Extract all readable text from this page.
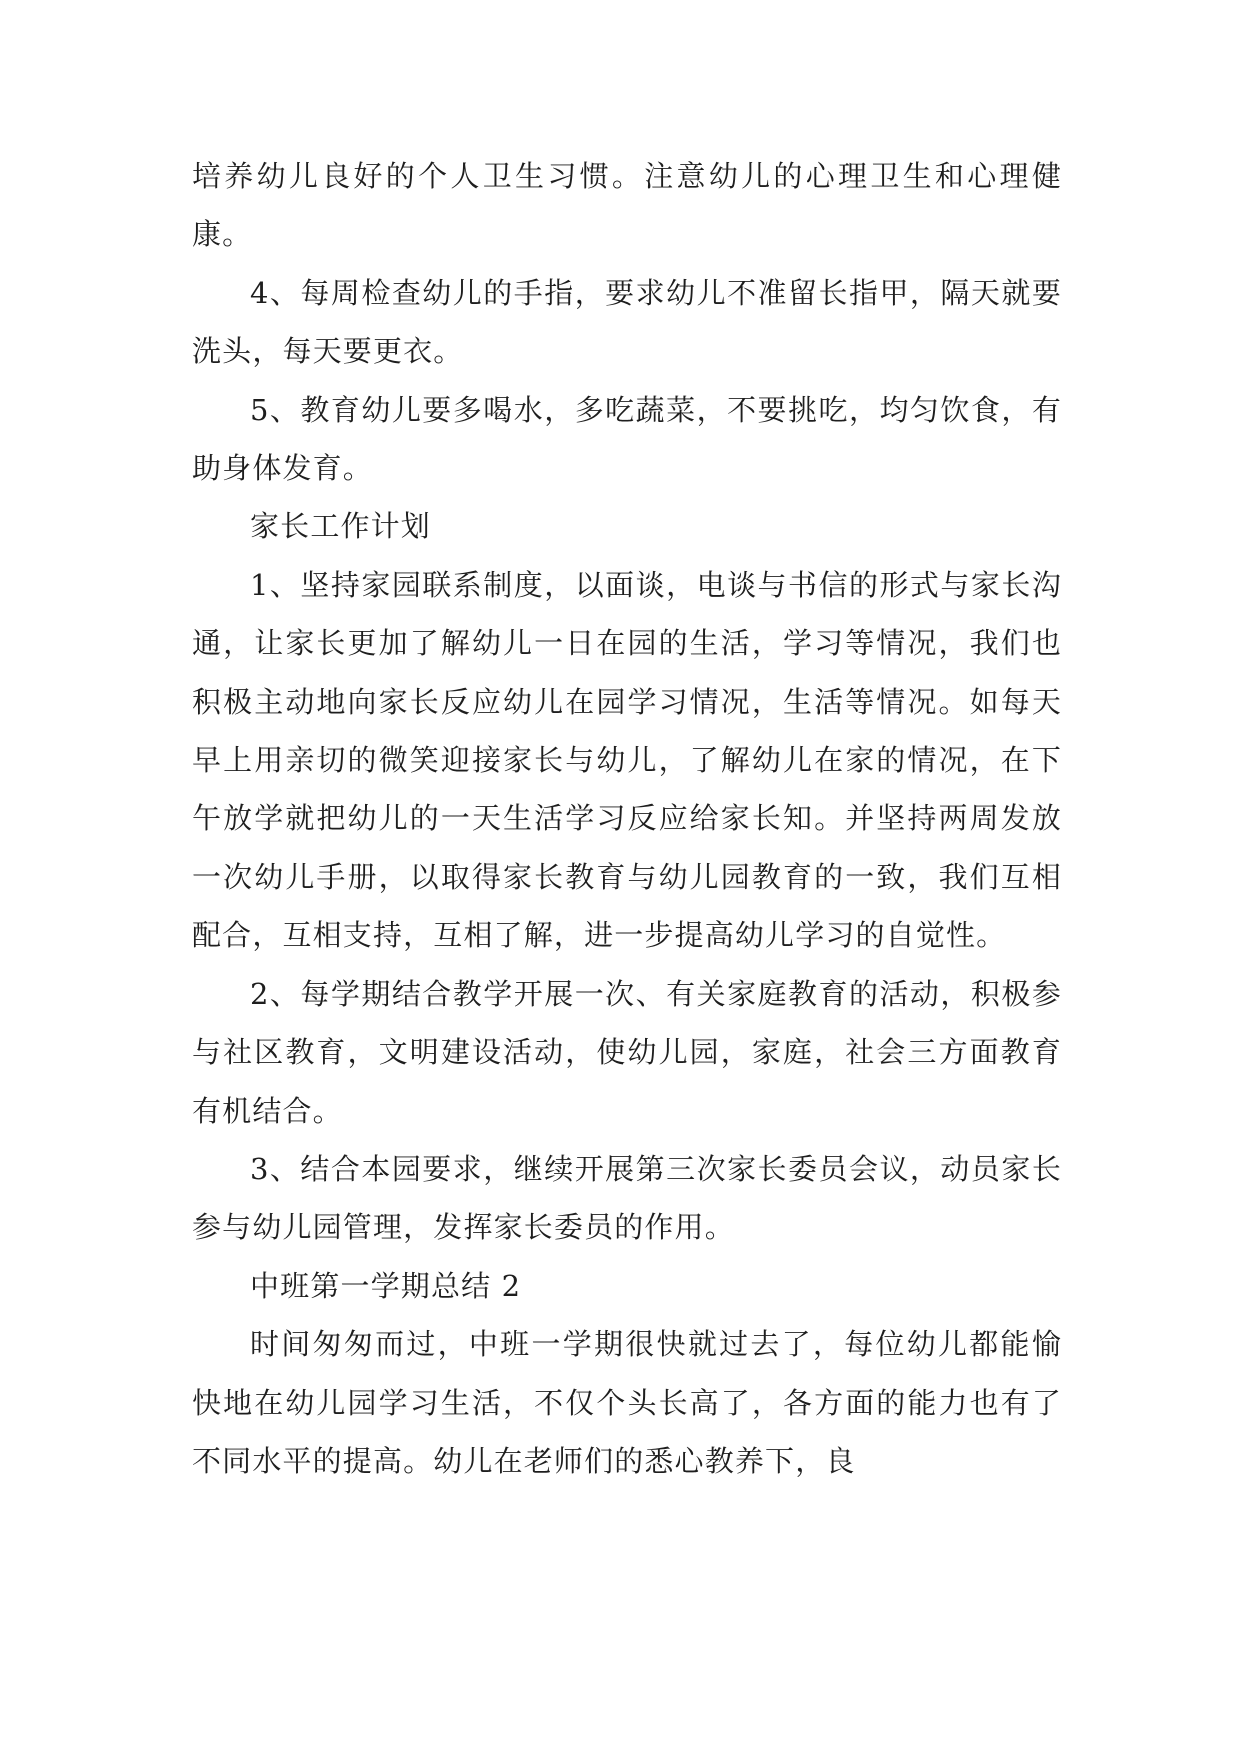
培养幼儿良好的个人卫生习惯。注意幼儿的心理卫生和心理健康。

4、每周检查幼儿的手指，要求幼儿不准留长指甲，隔天就要洗头，每天要更衣。

5、教育幼儿要多喝水，多吃蔬菜，不要挑吃，均匀饮食，有助身体发育。

家长工作计划

1、坚持家园联系制度，以面谈，电谈与书信的形式与家长沟通，让家长更加了解幼儿一日在园的生活，学习等情况，我们也积极主动地向家长反应幼儿在园学习情况，生活等情况。如每天早上用亲切的微笑迎接家长与幼儿，了解幼儿在家的情况，在下午放学就把幼儿的一天生活学习反应给家长知。并坚持两周发放一次幼儿手册，以取得家长教育与幼儿园教育的一致，我们互相配合，互相支持，互相了解，进一步提高幼儿学习的自觉性。

2、每学期结合教学开展一次、有关家庭教育的活动，积极参与社区教育，文明建设活动，使幼儿园，家庭，社会三方面教育有机结合。

3、结合本园要求，继续开展第三次家长委员会议，动员家长参与幼儿园管理，发挥家长委员的作用。

中班第一学期总结 2

时间匆匆而过，中班一学期很快就过去了，每位幼儿都能愉快地在幼儿园学习生活，不仅个头长高了，各方面的能力也有了不同水平的提高。幼儿在老师们的悉心教养下，良
